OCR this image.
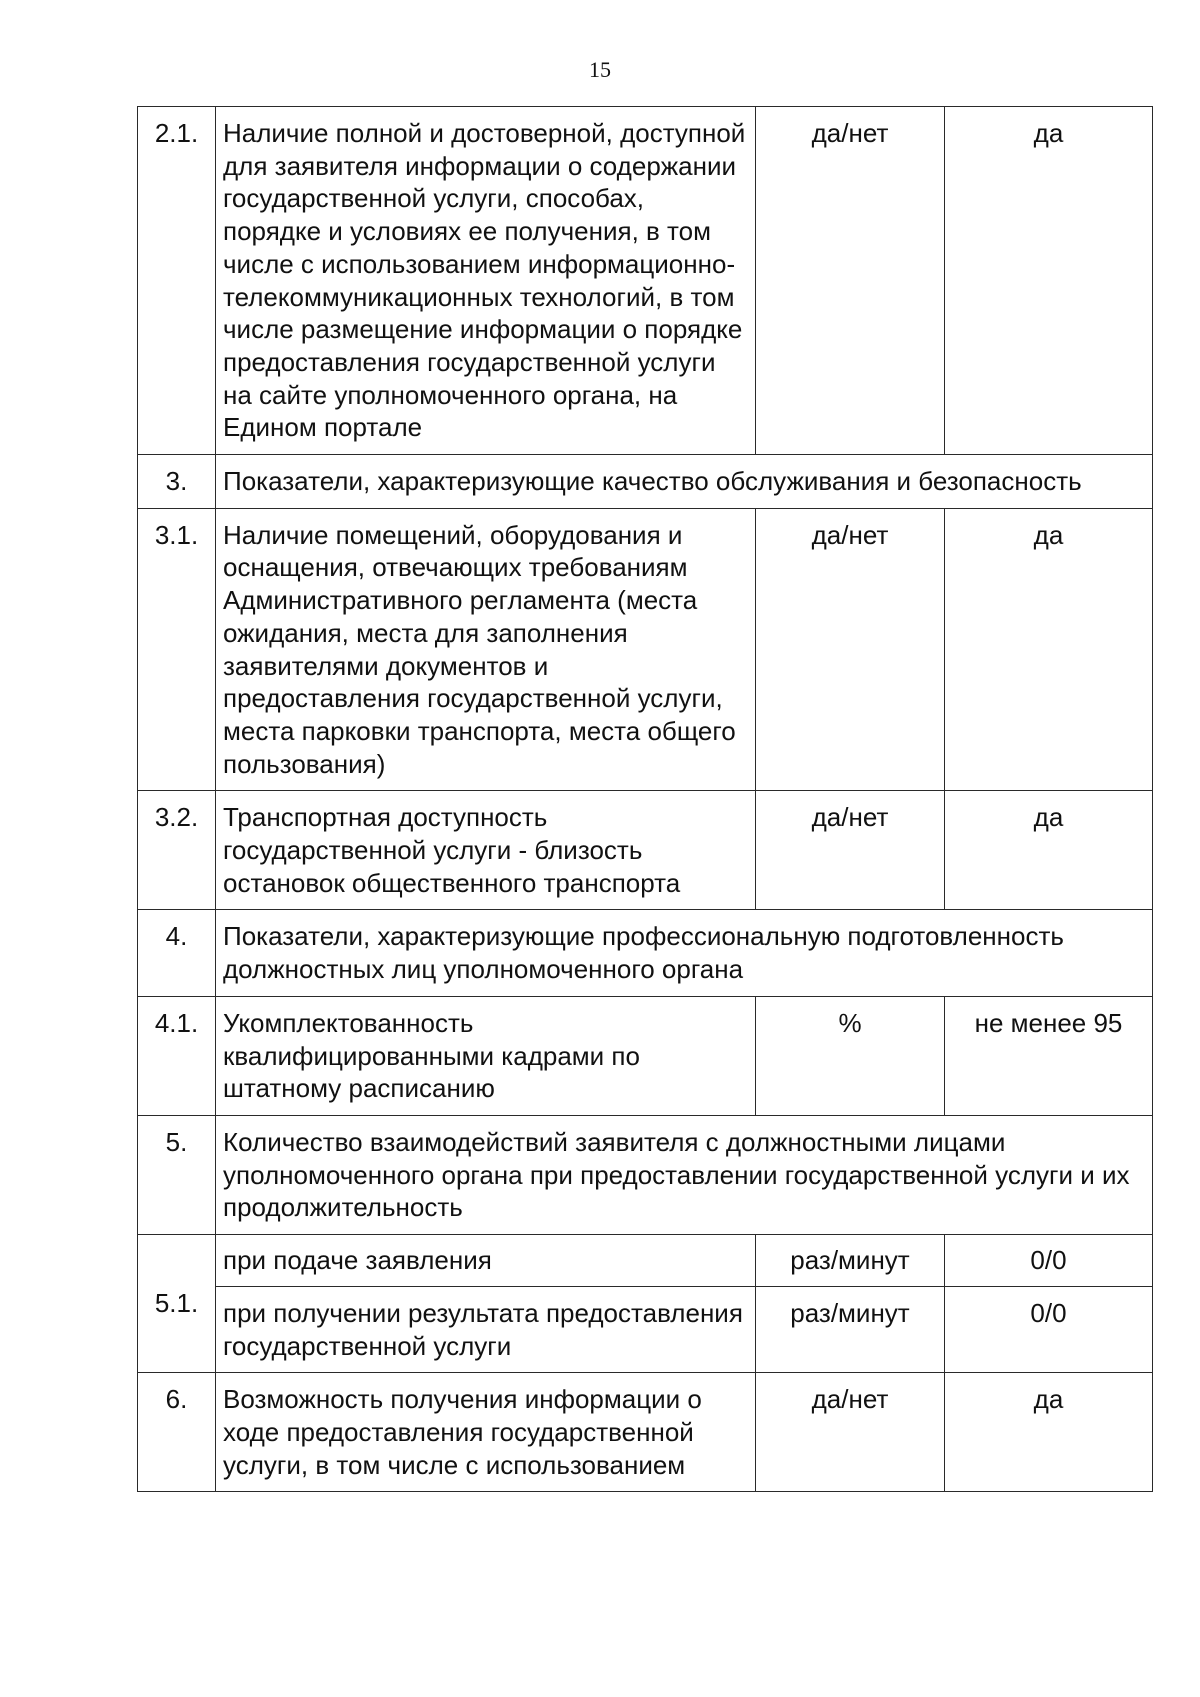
15
2.1.	Наличие полной и достоверной, доступной для заявителя информации о содержании государственной услуги, способах, порядке и условиях ее получения, в том числе с использованием информационно-телекоммуникационных технологий, в том числе размещение информации о порядке предоставления государственной услуги на сайте уполномоченного органа, на Едином портале	да/нет	да
3.	Показатели, характеризующие качество обслуживания и безопасность		
3.1.	Наличие помещений, оборудования и оснащения, отвечающих требованиям Административного регламента (места ожидания, места для заполнения заявителями документов и предоставления государственной услуги, места парковки транспорта, места общего пользования)	да/нет	да
3.2.	Транспортная доступность государственной услуги - близость остановок общественного транспорта	да/нет	да
4.	Показатели, характеризующие профессиональную подготовленность должностных лиц уполномоченного органа		
4.1.	Укомплектованность квалифицированными кадрами по штатному расписанию	%	не менее 95
5.	Количество взаимодействий заявителя с должностными лицами уполномоченного органа при предоставлении государственной услуги и их продолжительность		
5.1.	при подаче заявления	раз/минут	0/0
	при получении результата предоставления государственной услуги	раз/минут	0/0
6.	Возможность получения информации о ходе предоставления государственной услуги, в том числе с использованием	да/нет	да
